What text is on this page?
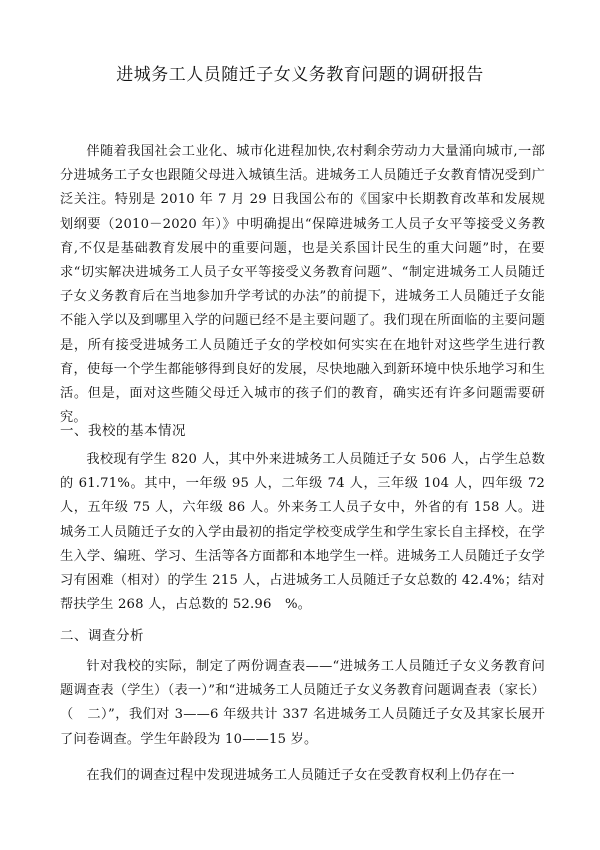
进城务工人员随迁子女义务教育问题的调研报告

伴随着我国社会工业化、城市化进程加快,农村剩余劳动力大量涌向城市,一部分进城务工子女也跟随父母进入城镇生活。进城务工人员随迁子女教育情况受到广泛关注。特别是 2010 年 7 月 29 日我国公布的《国家中长期教育改革和发展规划纲要（2010－2020 年）》中明确提出“保障进城务工人员子女平等接受义务教育,不仅是基础教育发展中的重要问题，也是关系国计民生的重大问题”时，在要求“切实解决进城务工人员子女平等接受义务教育问题”、“制定进城务工人员随迁子女义务教育后在当地参加升学考试的办法”的前提下，进城务工人员随迁子女能不能入学以及到哪里入学的问题已经不是主要问题了。我们现在所面临的主要问题是，所有接受进城务工人员随迁子女的学校如何实实在在地针对这些学生进行教育，使每一个学生都能够得到良好的发展，尽快地融入到新环境中快乐地学习和生活。但是，面对这些随父母迁入城市的孩子们的教育，确实还有许多问题需要研究。

一、我校的基本情况

我校现有学生 820 人，其中外来进城务工人员随迁子女 506 人，占学生总数的 61.71%。其中，一年级 95 人，二年级 74 人，三年级 104 人，四年级 72 人，五年级 75 人，六年级 86 人。外来务工人员子女中，外省的有 158 人。进城务工人员随迁子女的入学由最初的指定学校变成学生和学生家长自主择校，在学生入学、编班、学习、生活等各方面都和本地学生一样。进城务工人员随迁子女学习有困难（相对）的学生 215 人，占进城务工人员随迁子女总数的 42.4%；结对帮扶学生 268 人，占总数的 52.96　%。

二、调查分析

针对我校的实际，制定了两份调查表——“进城务工人员随迁子女义务教育问题调查表（学生）（表一）”和“进城务工人员随迁子女义务教育问题调查表（家长）（　二）”，我们对 3——6 年级共计 337 名进城务工人员随迁子女及其家长展开了问卷调查。学生年龄段为 10——15 岁。

在我们的调查过程中发现进城务工人员随迁子女在受教育权利上仍存在一
